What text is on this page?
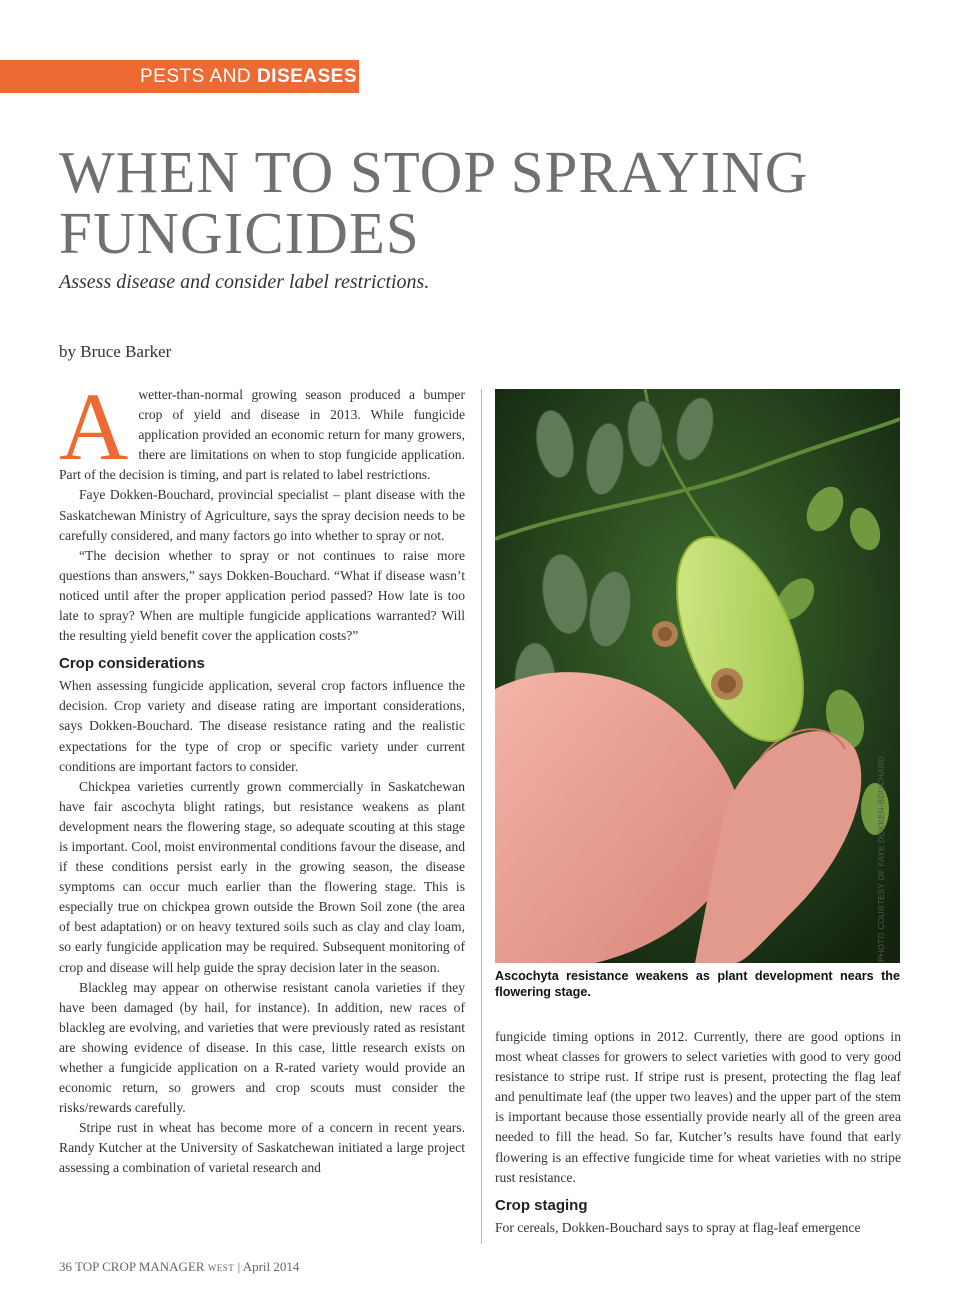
PESTS AND DISEASES
WHEN TO STOP SPRAYING FUNGICIDES

Assess disease and consider label restrictions.

by Bruce Barker

A wetter-than-normal growing season produced a bumper crop of yield and disease in 2013. While fungicide application provided an economic return for many growers, there are limitations on when to stop fungicide application. Part of the decision is timing, and part is related to label restrictions.

Faye Dokken-Bouchard, provincial specialist – plant disease with the Saskatchewan Ministry of Agriculture, says the spray decision needs to be carefully considered, and many factors go into whether to spray or not.

“The decision whether to spray or not continues to raise more questions than answers,” says Dokken-Bouchard. “What if disease wasn’t noticed until after the proper application period passed? How late is too late to spray? When are multiple fungicide applications warranted? Will the resulting yield benefit cover the application costs?”

Crop considerations

When assessing fungicide application, several crop factors influence the decision. Crop variety and disease rating are important considerations, says Dokken-Bouchard. The disease resistance rating and the realistic expectations for the type of crop or specific variety under current conditions are important factors to consider.

Chickpea varieties currently grown commercially in Saskatchewan have fair ascochyta blight ratings, but resistance weakens as plant development nears the flowering stage, so adequate scouting at this stage is important. Cool, moist environmental conditions favour the disease, and if these conditions persist early in the growing season, the disease symptoms can occur much earlier than the flowering stage. This is especially true on chickpea grown outside the Brown Soil zone (the area of best adaptation) or on heavy textured soils such as clay and clay loam, so early fungicide application may be required. Subsequent monitoring of crop and disease will help guide the spray decision later in the season.

Blackleg may appear on otherwise resistant canola varieties if they have been damaged (by hail, for instance). In addition, new races of blackleg are evolving, and varieties that were previously rated as resistant are showing evidence of disease. In this case, little research exists on whether a fungicide application on a R-rated variety would provide an economic return, so growers and crop scouts must consider the risks/rewards carefully.

Stripe rust in wheat has become more of a concern in recent years. Randy Kutcher at the University of Saskatchewan initiated a large project assessing a combination of varietal research and

PHOTO COURTESY OF FAYE DOKKEN-BOUCHARD

Ascochyta resistance weakens as plant development nears the flowering stage.

fungicide timing options in 2012. Currently, there are good options in most wheat classes for growers to select varieties with good to very good resistance to stripe rust. If stripe rust is present, protecting the flag leaf and penultimate leaf (the upper two leaves) and the upper part of the stem is important because those essentially provide nearly all of the green area needed to fill the head. So far, Kutcher’s results have found that early flowering is an effective fungicide time for wheat varieties with no stripe rust resistance.

Crop staging

For cereals, Dokken-Bouchard says to spray at flag-leaf emergence

36 TOP CROP MANAGER WEST | April 2014
